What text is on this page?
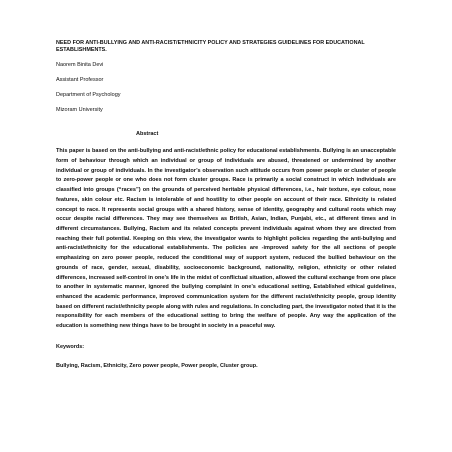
NEED FOR ANTI-BULLYING AND ANTI-RACIST/ETHNICITY POLICY AND STRATEGIES GUIDELINES FOR EDUCATIONAL ESTABLISHMENTS.

Naorem Binita Devi

Assistant Professor

Department of Psychology

Mizoram University

Abstract

This paper is based on the anti-bullying and anti-racist/ethnic policy for educational establishments. Bullying is an unacceptable form of behaviour through which an individual or group of individuals are abused, threatened or undermined by another individual or group of individuals. In the investigator’s observation such attitude occurs from power people or cluster of people to zero-power people or one who does not form cluster groups. Race is primarily a social construct in which individuals are classified into groups (“races”) on the grounds of perceived heritable physical differences, i.e., hair texture, eye colour, nose features, skin colour etc. Racism is intolerable of and hostility to other people on account of their race. Ethnicity is related concept to race. It represents social groups with a shared history, sense of identity, geography and cultural roots which may occur despite racial differences. They may see themselves as British, Asian, Indian, Punjabi, etc., at different times and in different circumstances. Bullying, Racism and its related concepts prevent individuals against whom they are directed from reaching their full potential. Keeping on this view, the investigator wants to highlight policies regarding the anti-bullying and anti-racist/ethnicity for the educational establishments. The policies are -improved safety for the all sections of people emphasizing on zero power people, reduced the conditional way of support system, reduced the bullied behaviour on the grounds of race, gender, sexual, disability, socioeconomic background, nationality, religion, ethnicity or other related differences, increased self-control in one’s life in the midst of conflictual situation, allowed the cultural exchange from one place to another in systematic manner, ignored the bullying complaint in one’s educational setting, Established ethical guidelines, enhanced the academic performance, improved communication system for the different racist/ethnicity people, group identity based on different racist/ethnicity people along with rules and regulations. In concluding part, the investigator noted that it is the responsibility for each members of the educational setting to bring the welfare of people. Any way the application of the education is something new things have to be brought in society in a peaceful way.

Keywords:

Bullying, Racism, Ethnicity, Zero power people, Power people, Cluster group.
